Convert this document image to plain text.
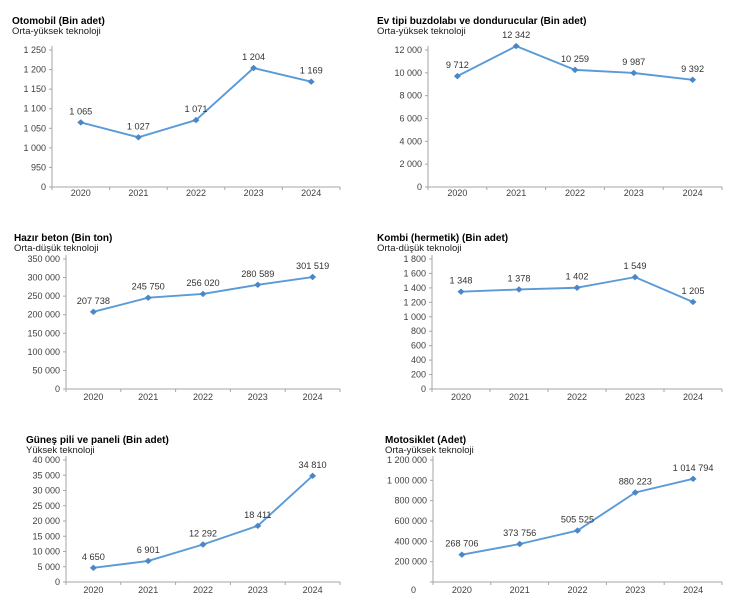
Otomobil (Bin adet)
Orta-yüksek teknoloji
0
950
1 000
1 050
1 100
1 150
1 200
1 250
2020	2021	2022	2023	2024
1 065
1 027
1 071
1 204
1 169
Ev tipi buzdolabı ve dondurucular (Bin adet)
Orta-yüksek teknoloji
0
2 000
4 000
6 000
8 000
10 000
12 000
2020	2021	2022	2023	2024
9 712
12 342
10 259	9 987
9 392
Hazır beton (Bin ton)
Orta-düşük teknoloji
0
50 000
100 000
150 000
200 000
250 000
300 000
350 000
2020	2021	2022	2023	2024
207 738
245 750 256 020
280 589
301 519
Kombi (hermetik) (Bin adet)
Orta-düşük teknoloji
0
200
400
600
800
1 000
1 200
1 400
1 600
1 800
2020	2021	2022	2023	2024
1 348	1 378	1 402
1 549
1 205
Güneş pili ve paneli (Bin adet)
Yüksek teknoloji
0
5 000
10 000
15 000
20 000
25 000
30 000
35 000
40 000
2020	2021	2022	2023	2024
4 650
6 901
12 292
18 411
34 810
Motosiklet (Adet)
Orta-yüksek teknoloji
0
200 000
400 000
600 000
800 000
1 000 000
1 200 000
2020	2021	2022	2023	2024
268 706
373 756
505 525
880 223
1 014 794
